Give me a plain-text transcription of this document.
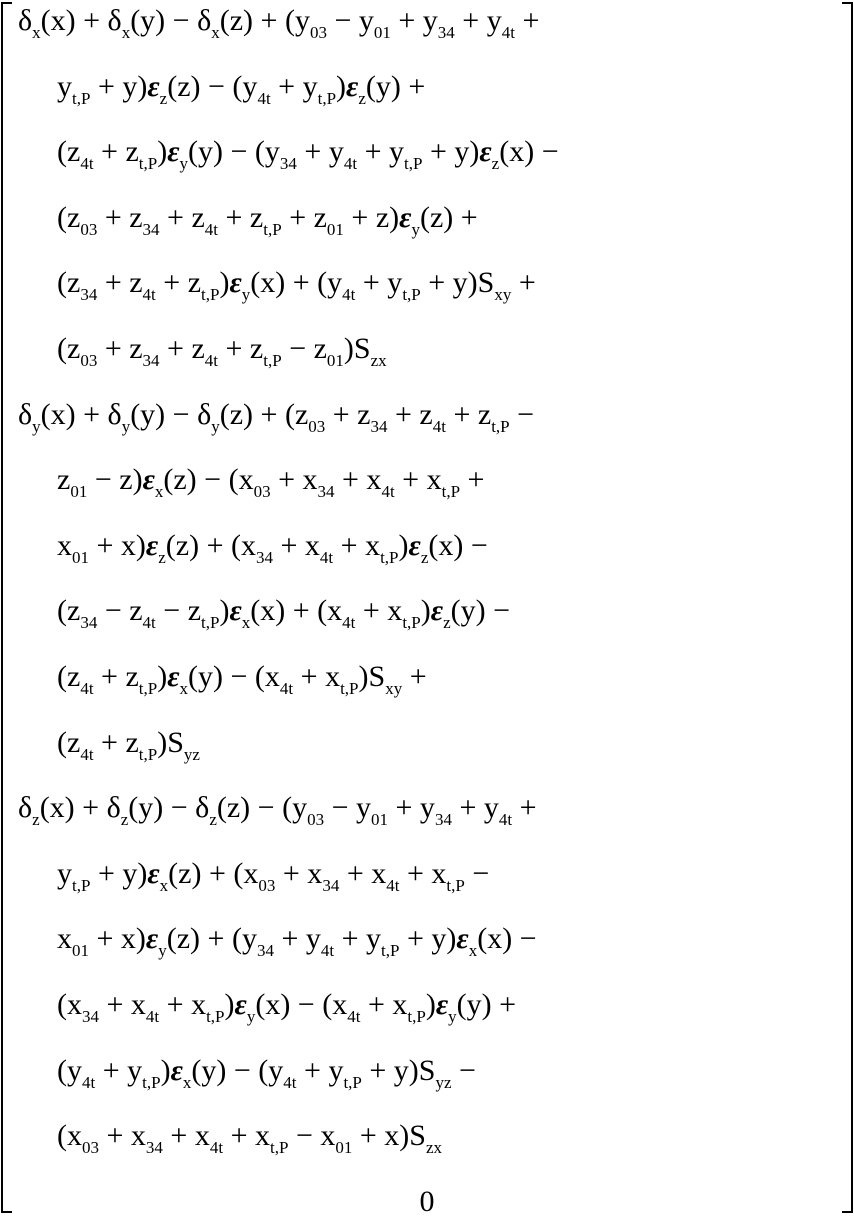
$\delta_x(x) + \delta_x(y) - \delta_x(z) + (y_{03} - y_{01} + y_{34} + y_{4t}$ +
$y_{t,P} + y)\varepsilon_z(z) - (y_{4t} + y_{t,P})\varepsilon_z(y)$ +
$(z_{4t} + z_{t,P})\varepsilon_y(y) - (y_{34} + y_{4t} + y_{t,P} + y)\varepsilon_z(x)$ −
$(z_{03} + z_{34} + z_{4t} + z_{t,P} + z_{01} + z)\varepsilon_y(z)$ +
$(z_{34} + z_{4t} + z_{t,P})\varepsilon_y(x) + (y_{4t} + y_{t,P} + y)S_{xy}$ +
$(z_{03} + z_{34} + z_{4t} + z_{t,P} - z_{01})S_{zx}$
$\delta_y(x) + \delta_y(y) - \delta_y(z) + (z_{03} + z_{34} + z_{4t} + z_{t,P}$ −
$z_{01} - z)\varepsilon_x(z) - (x_{03} + x_{34} + x_{4t} + x_{t,P}$ +
$x_{01} + x)\varepsilon_z(z) + (x_{34} + x_{4t} + x_{t,P})\varepsilon_z(x)$ −
$(z_{34} - z_{4t} - z_{t,P})\varepsilon_x(x) + (x_{4t} + x_{t,P})\varepsilon_z(y)$ −
$(z_{4t} + z_{t,P})\varepsilon_x(y) - (x_{4t} + x_{t,P})S_{xy}$ +
$(z_{4t} + z_{t,P})S_{yz}$
$\delta_z(x) + \delta_z(y) - \delta_z(z) - (y_{03} - y_{01} + y_{34} + y_{4t}$ +
$y_{t,P} + y)\varepsilon_x(z) + (x_{03} + x_{34} + x_{4t} + x_{t,P}$ −
$x_{01} + x)\varepsilon_y(z) + (y_{34} + y_{4t} + y_{t,P} + y)\varepsilon_x(x)$ −
$(x_{34} + x_{4t} + x_{t,P})\varepsilon_y(x) - (x_{4t} + x_{t,P})\varepsilon_y(y)$ +
$(y_{4t} + y_{t,P})\varepsilon_x(y) - (y_{4t} + y_{t,P} + y)S_{yz}$ −
$(x_{03} + x_{34} + x_{4t} + x_{t,P} - x_{01} + x)S_{zx}$
0
